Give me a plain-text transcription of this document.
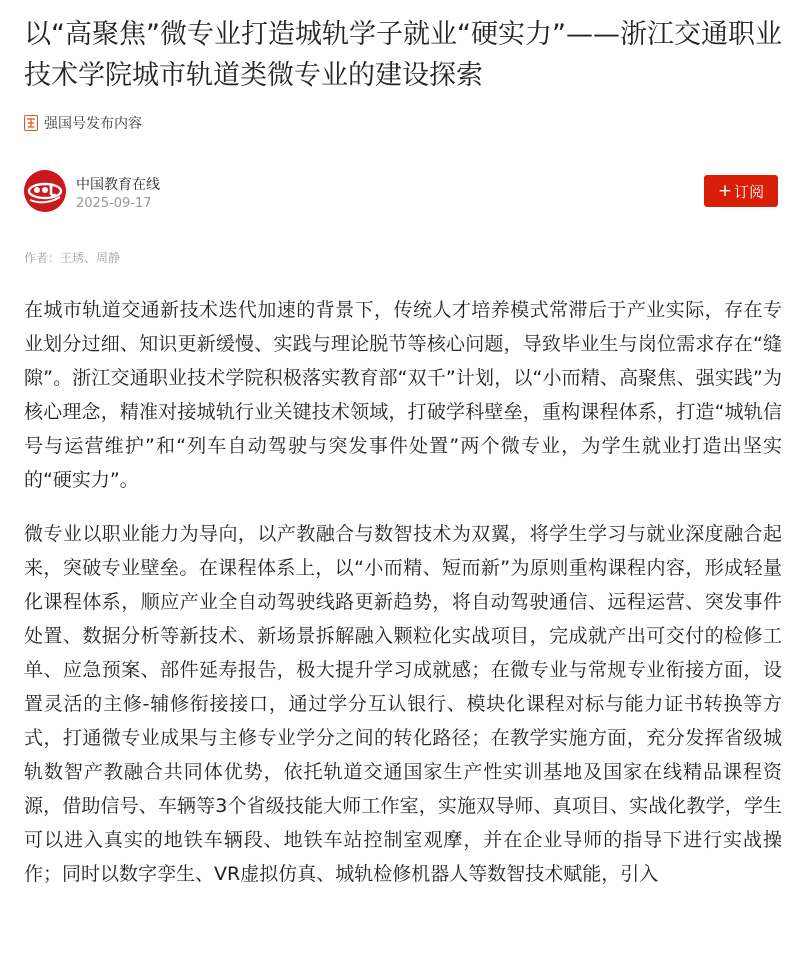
以“高聚焦”微专业打造城轨学子就业“硬实力”——浙江交通职业技术学院城市轨道类微专业的建设探索
强国号发布内容
中国教育在线
2025-09-17
+ 订阅
作者：王琇、周静

在城市轨道交通新技术迭代加速的背景下，传统人才培养模式常滞后于产业实际，存在专业划分过细、知识更新缓慢、实践与理论脱节等核心问题，导致毕业生与岗位需求存在“缝隙”。浙江交通职业技术学院积极落实教育部“双千”计划，以“小而精、高聚焦、强实践”为核心理念，精准对接城轨行业关键技术领域，打破学科壁垒，重构课程体系，打造“城轨信号与运营维护”和“列车自动驾驶与突发事件处置”两个微专业，为学生就业打造出坚实的“硬实力”。

微专业以职业能力为导向，以产教融合与数智技术为双翼，将学生学习与就业深度融合起来，突破专业壁垒。在课程体系上，以“小而精、短而新”为原则重构课程内容，形成轻量化课程体系，顺应产业全自动驾驶线路更新趋势，将自动驾驶通信、远程运营、突发事件处置、数据分析等新技术、新场景拆解融入颗粒化实战项目，完成就产出可交付的检修工单、应急预案、部件延寿报告，极大提升学习成就感；在微专业与常规专业衔接方面，设置灵活的主修-辅修衔接接口，通过学分互认银行、模块化课程对标与能力证书转换等方式，打通微专业成果与主修专业学分之间的转化路径；在教学实施方面，充分发挥省级城轨数智产教融合共同体优势，依托轨道交通国家生产性实训基地及国家在线精品课程资源，借助信号、车辆等3个省级技能大师工作室，实施双导师、真项目、实战化教学，学生可以进入真实的地铁车辆段、地铁车站控制室观摩，并在企业导师的指导下进行实战操作；同时以数字孪生、VR虚拟仿真、城轨检修机器人等数智技术赋能，引入
